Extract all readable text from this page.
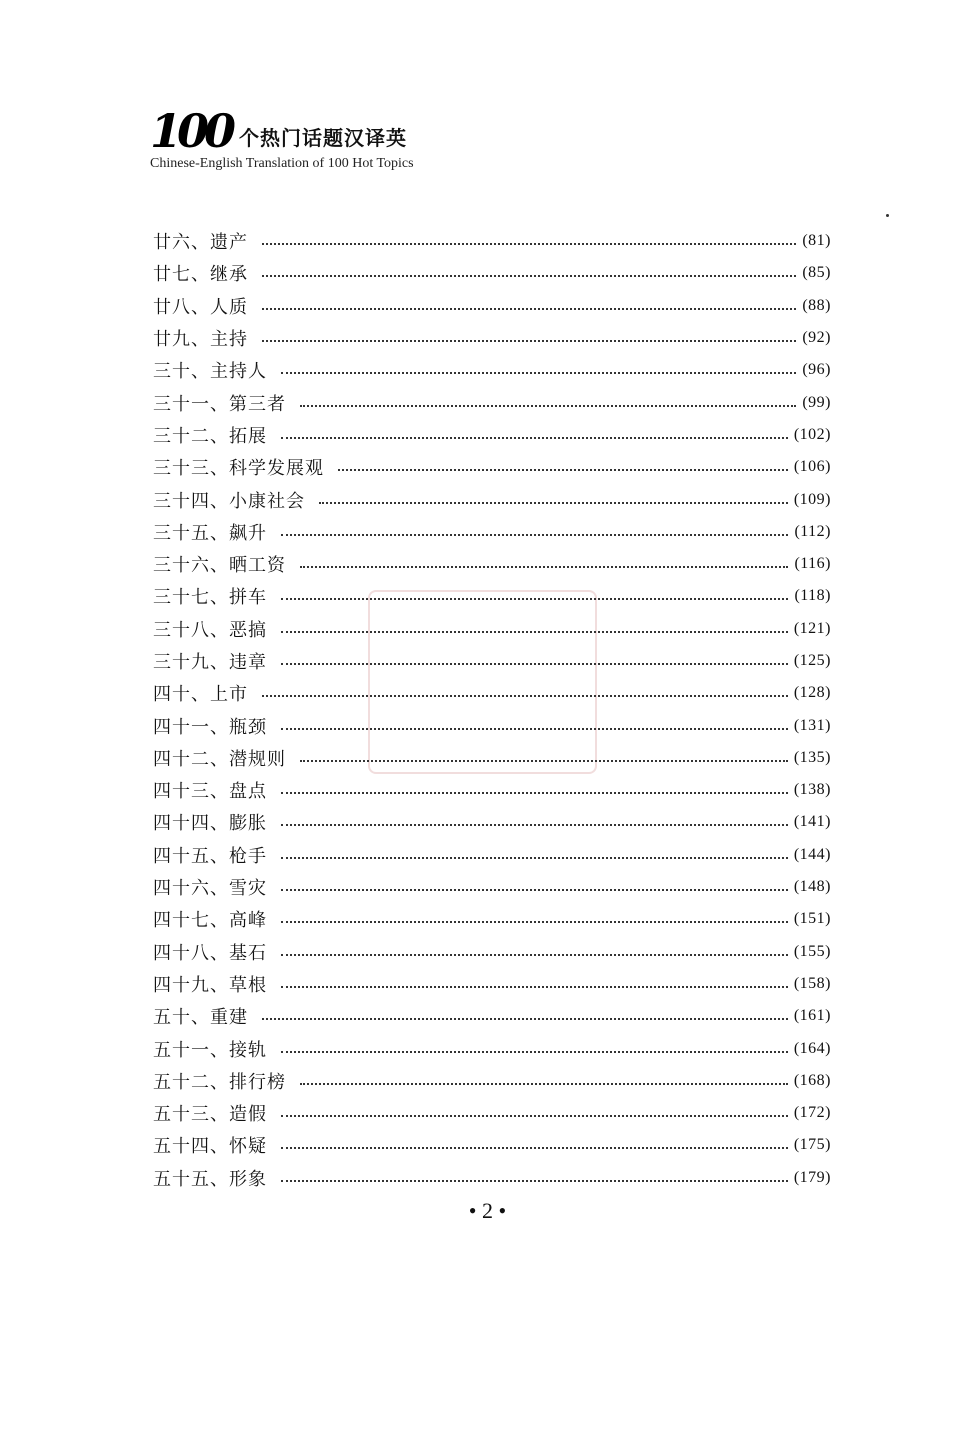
100 个热门话题汉译英
Chinese-English Translation of 100 Hot Topics
廿六、遗产	(81)
廿七、继承	(85)
廿八、人质	(88)
廿九、主持	(92)
三十、主持人	(96)
三十一、第三者	(99)
三十二、拓展	(102)
三十三、科学发展观	(106)
三十四、小康社会	(109)
三十五、飙升	(112)
三十六、晒工资	(116)
三十七、拼车	(118)
三十八、恶搞	(121)
三十九、违章	(125)
四十、上市	(128)
四十一、瓶颈	(131)
四十二、潜规则	(135)
四十三、盘点	(138)
四十四、膨胀	(141)
四十五、枪手	(144)
四十六、雪灾	(148)
四十七、高峰	(151)
四十八、基石	(155)
四十九、草根	(158)
五十、重建	(161)
五十一、接轨	(164)
五十二、排行榜	(168)
五十三、造假	(172)
五十四、怀疑	(175)
五十五、形象	(179)
• 2 •
